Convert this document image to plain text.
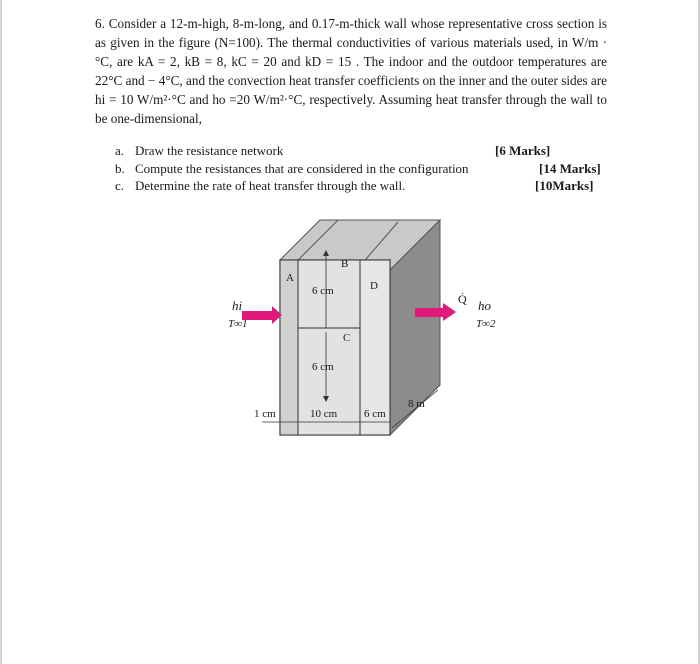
6. Consider a 12-m-high, 8-m-long, and 0.17-m-thick wall whose representative cross section is as given in the figure (N=100). The thermal conductivities of various materials used, in W/m · °C, are kA = 2, kB = 8, kC = 20 and kD = 15 . The indoor and the outdoor temperatures are 22°C and − 4°C, and the convection heat transfer coefficients on the inner and the outer sides are hi = 10 W/m²·°C and ho =20 W/m²·°C, respectively. Assuming heat transfer through the wall to be one-dimensional,
a. Draw the resistance network	[6 Marks]
b. Compute the resistances that are considered in the configuration	[14 Marks]
c. Determine the rate of heat transfer through the wall.	[10Marks]
A
B
C
D
6 cm
6 cm
hi
T∞1
Q̇ ho
T∞2
1 cm	10 cm 6 cm
8 m
